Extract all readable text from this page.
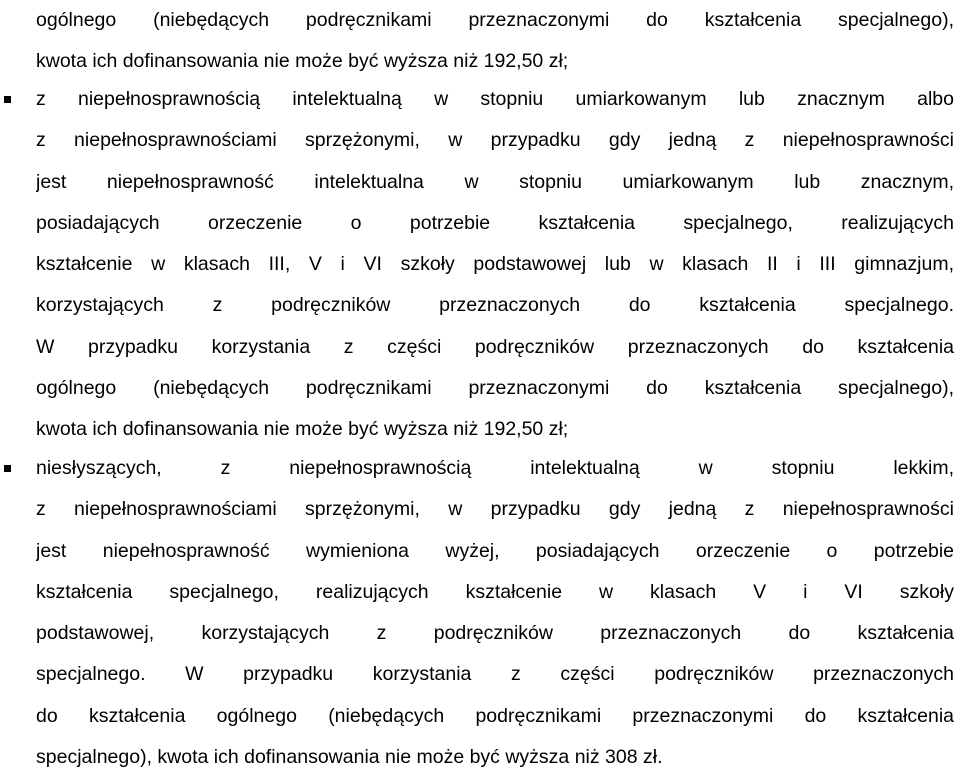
ogólnego (niebędących podręcznikami przeznaczonymi do kształcenia specjalnego),
kwota ich dofinansowania nie może być wyższa niż 192,50 zł;
z niepełnosprawnością intelektualną w stopniu umiarkowanym lub znacznym albo
z niepełnosprawnościami sprzężonymi, w przypadku gdy jedną z niepełnosprawności
jest niepełnosprawność intelektualna w stopniu umiarkowanym lub znacznym,
posiadających orzeczenie o potrzebie kształcenia specjalnego, realizujących
kształcenie w klasach III, V i VI szkoły podstawowej lub w klasach II i III gimnazjum,
korzystających z podręczników przeznaczonych do kształcenia specjalnego.
W przypadku korzystania z części podręczników przeznaczonych do kształcenia
ogólnego (niebędących podręcznikami przeznaczonymi do kształcenia specjalnego),
kwota ich dofinansowania nie może być wyższa niż 192,50 zł;
niesłyszących, z niepełnosprawnością intelektualną w stopniu lekkim,
z niepełnosprawnościami sprzężonymi, w przypadku gdy jedną z niepełnosprawności
jest niepełnosprawność wymieniona wyżej, posiadających orzeczenie o potrzebie
kształcenia specjalnego, realizujących kształcenie w klasach V i VI szkoły
podstawowej, korzystających z podręczników przeznaczonych do kształcenia
specjalnego. W przypadku korzystania z części podręczników przeznaczonych
do kształcenia ogólnego (niebędących podręcznikami przeznaczonymi do kształcenia
specjalnego), kwota ich dofinansowania nie może być wyższa niż 308 zł.
